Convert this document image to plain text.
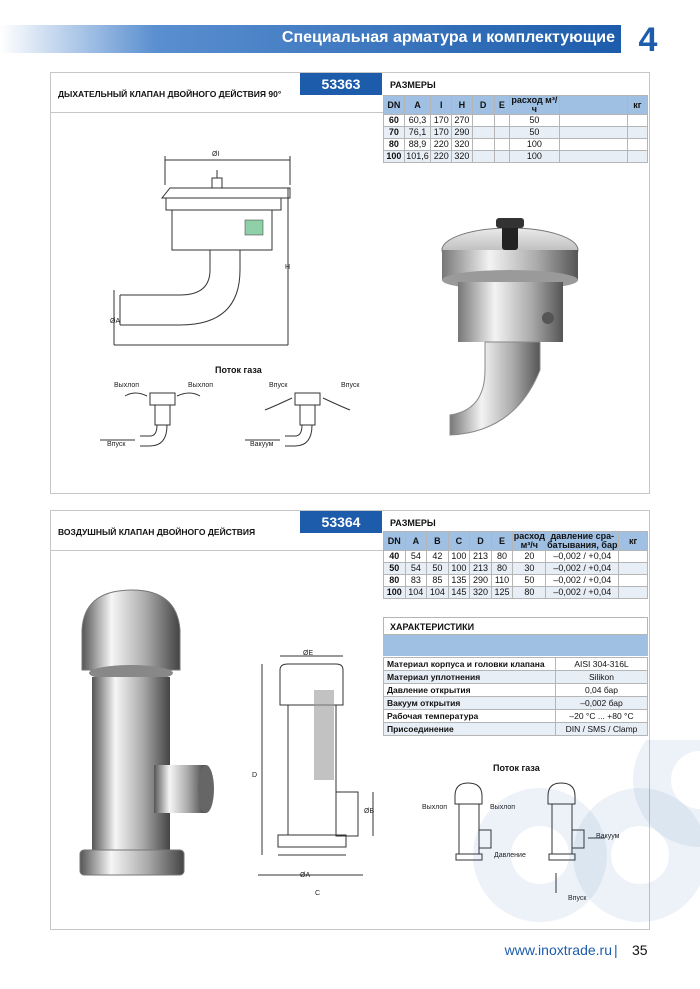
Специальная арматура и комплектующие 4
ДЫХАТЕЛЬНЫЙ КЛАПАН ДВОЙНОГО ДЕЙСТВИЯ 90°
53363	РАЗМЕРЫ
DN	A	I	H	D	E	расход м³/ч		кг
60	60,3	170	270			50		
70	76,1	170	290			50		
80	88,9	220	320			100		
100	101,6	220	320			100		
ØI
H
ØA
Поток газа
Выхлоп	Выхлоп
Впуск
Впуск	Впуск
Вакуум
ВОЗДУШНЫЙ КЛАПАН ДВОЙНОГО ДЕЙСТВИЯ
53364	РАЗМЕРЫ
DN	A	B	C	D	E	расход м³/ч	давление сра-батывания, бар	кг
40	54	42	100	213	80	20	–0,002 / +0,04	
50	54	50	100	213	80	30	–0,002 / +0,04	
80	83	85	135	290	110	50	–0,002 / +0,04	
100	104	104	145	320	125	80	–0,002 / +0,04	
ХАРАКТЕРИСТИКИ
Материал корпуса и головки клапана	AISI 304-316L
Материал уплотнения	Silikon
Давление открытия	0,04 бар
Вакуум открытия	–0,002 бар
Рабочая температура	–20 °C ... +80 °C
Присоединение	DIN / SMS / Clamp
ØE
D
ØB
ØA
C
Поток газа
Выхлоп	Выхлоп
Давление
Вакуум
Впуск
www.inoxtrade.ru | 35
